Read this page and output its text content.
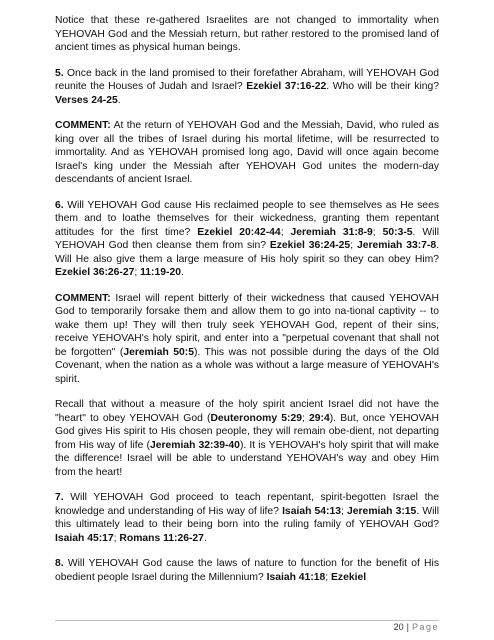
Notice that these re-gathered Israelites are not changed to immortality when YEHOVAH God and the Messiah return, but rather restored to the promised land of ancient times as physical human beings.

5. Once back in the land promised to their forefather Abraham, will YEHOVAH God reunite the Houses of Judah and Israel? Ezekiel 37:16-22. Who will be their king? Verses 24-25.

COMMENT: At the return of YEHOVAH God and the Messiah, David, who ruled as king over all the tribes of Israel during his mortal lifetime, will be resurrected to immortality. And as YEHOVAH promised long ago, David will once again become Israel's king under the Messiah after YEHOVAH God unites the modern-day descendants of ancient Israel.

6. Will YEHOVAH God cause His reclaimed people to see themselves as He sees them and to loathe themselves for their wickedness, granting them repentant attitudes for the first time? Ezekiel 20:42-44; Jeremiah 31:8-9; 50:3-5. Will YEHOVAH God then cleanse them from sin? Ezekiel 36:24-25; Jeremiah 33:7-8. Will He also give them a large measure of His holy spirit so they can obey Him? Ezekiel 36:26-27; 11:19-20.

COMMENT: Israel will repent bitterly of their wickedness that caused YEHOVAH God to temporarily forsake them and allow them to go into na-tional captivity -- to wake them up! They will then truly seek YEHOVAH God, repent of their sins, receive YEHOVAH's holy spirit, and enter into a "perpetual covenant that shall not be forgotten" (Jeremiah 50:5). This was not possible during the days of the Old Covenant, when the nation as a whole was without a large measure of YEHOVAH's spirit.

Recall that without a measure of the holy spirit ancient Israel did not have the "heart" to obey YEHOVAH God (Deuteronomy 5:29; 29:4). But, once YEHOVAH God gives His spirit to His chosen people, they will remain obe-dient, not departing from His way of life (Jeremiah 32:39-40). It is YEHOVAH's holy spirit that will make the difference! Israel will be able to understand YEHOVAH's way and obey Him from the heart!

7. Will YEHOVAH God proceed to teach repentant, spirit-begotten Israel the knowledge and understanding of His way of life? Isaiah 54:13; Jeremiah 3:15. Will this ultimately lead to their being born into the ruling family of YEHOVAH God? Isaiah 45:17; Romans 11:26-27.

8. Will YEHOVAH God cause the laws of nature to function for the benefit of His obedient people Israel during the Millennium? Isaiah 41:18; Ezekiel

20 | Page
